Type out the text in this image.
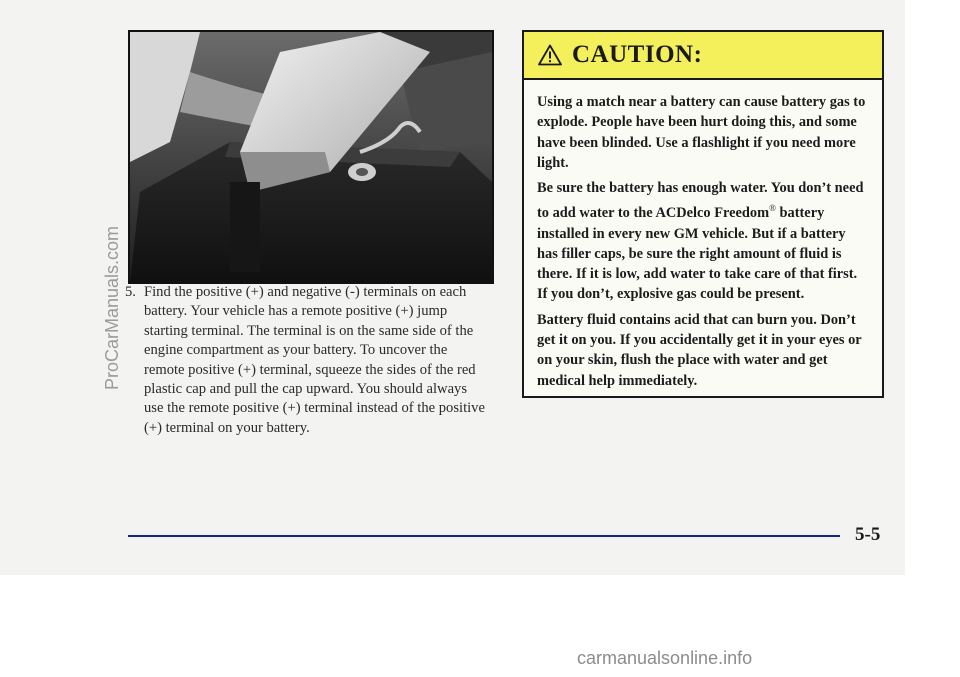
5. Find the positive (+) and negative (-) terminals on each battery. Your vehicle has a remote positive (+) jump starting terminal. The terminal is on the same side of the engine compartment as your battery. To uncover the remote positive (+) terminal, squeeze the sides of the red plastic cap and pull the cap upward. You should always use the remote positive (+) terminal instead of the positive (+) terminal on your battery.
CAUTION:

Using a match near a battery can cause battery gas to explode. People have been hurt doing this, and some have been blinded. Use a flashlight if you need more light.

Be sure the battery has enough water. You don’t need to add water to the ACDelco Freedom® battery installed in every new GM vehicle. But if a battery has filler caps, be sure the right amount of fluid is there. If it is low, add water to take care of that first. If you don’t, explosive gas could be present.

Battery fluid contains acid that can burn you. Don’t get it on you. If you accidentally get it in your eyes or on your skin, flush the place with water and get medical help immediately.

5-5
ProCarManuals.com
carmanualsonline.info
